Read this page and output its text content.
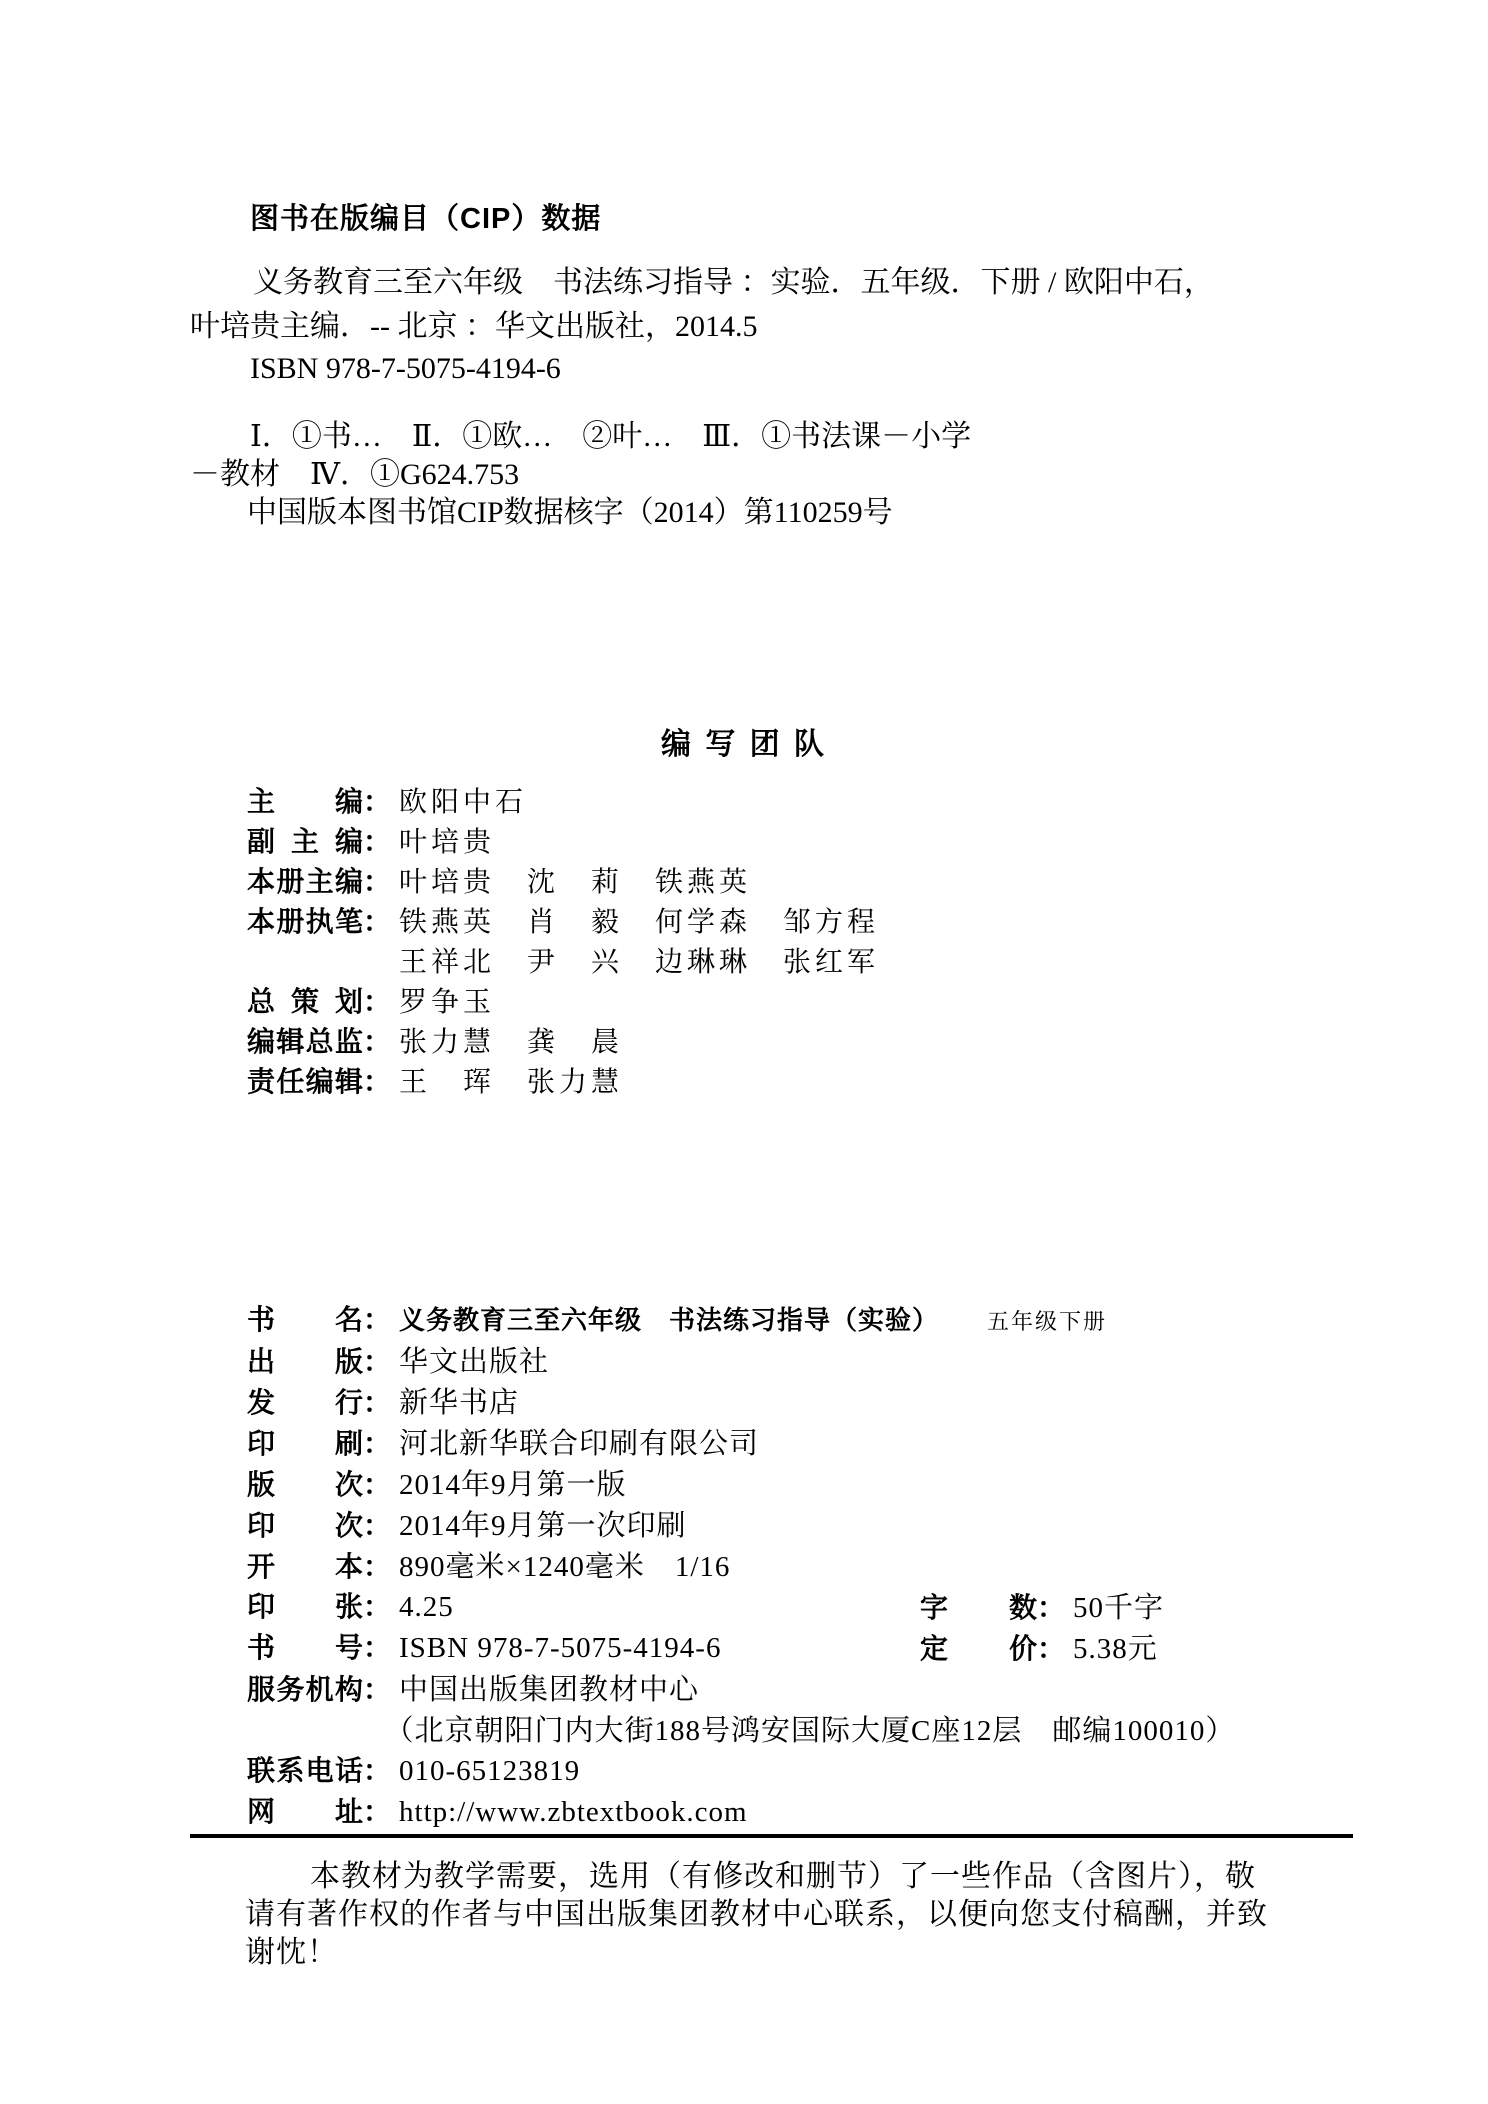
图书在版编目（CIP）数据
义务教育三至六年级　书法练习指导 ：实验．五年级．下册 / 欧阳中石，
叶培贵主编．-- 北京 ：华文出版社，2014.5
ISBN 978-7-5075-4194-6
Ⅰ．①书…　Ⅱ．①欧…　②叶…　Ⅲ．①书法课－小学
－教材　Ⅳ．①G624.753
中国版本图书馆CIP数据核字（2014）第110259号
编 写 团 队
主编： 欧阳中石
副主编： 叶培贵
本册主编： 叶培贵　沈　莉　铁燕英
本册执笔： 铁燕英　肖　毅　何学森　邹方程
王祥北　尹　兴　边琳琳　张红军
总策划： 罗争玉
编辑总监： 张力慧　龚　晨
责任编辑： 王　珲　张力慧
书名： 义务教育三至六年级　书法练习指导（实验） 五年级下册
出版： 华文出版社
发行： 新华书店
印刷： 河北新华联合印刷有限公司
版次： 2014年9月第一版
印次： 2014年9月第一次印刷
开本： 890毫米×1240毫米　1/16
印张： 4.25	字数： 50千字
书号： ISBN 978-7-5075-4194-6	定价： 5.38元
服务机构： 中国出版集团教材中心
（北京朝阳门内大街188号鸿安国际大厦C座12层　邮编100010）
联系电话： 010-65123819
网址： http://www.zbtextbook.com
本教材为教学需要，选用（有修改和删节）了一些作品（含图片），敬
请有著作权的作者与中国出版集团教材中心联系，以便向您支付稿酬，并致
谢忱！
